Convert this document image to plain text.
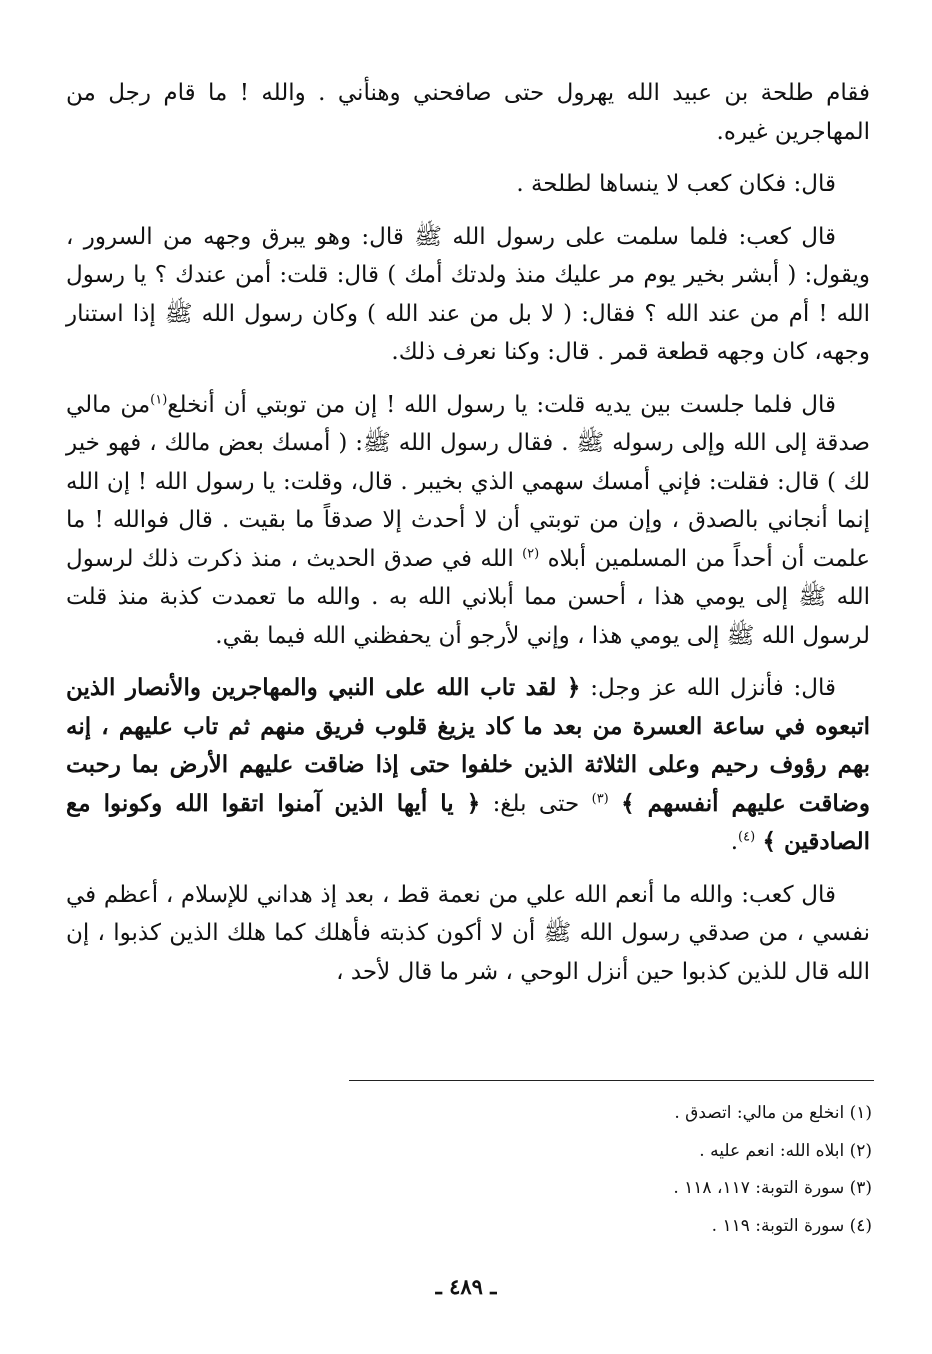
فقام طلحة بن عبيد الله يهرول حتى صافحني وهنأني . والله ! ما قام رجل من المهاجرين غيره.

قال: فكان كعب لا ينساها لطلحة .

قال كعب: فلما سلمت على رسول الله ﷺ قال: وهو يبرق وجهه من السرور ، ويقول: ( أبشر بخير يوم مر عليك منذ ولدتك أمك ) قال: قلت: أمن عندك ؟ يا رسول الله ! أم من عند الله ؟ فقال: ( لا بل من عند الله ) وكان رسول الله ﷺ إذا استنار وجهه، كان وجهه قطعة قمر . قال: وكنا نعرف ذلك.

قال فلما جلست بين يديه قلت: يا رسول الله ! إن من توبتي أن أنخلع$^{(١)}$من مالي صدقة إلى الله وإلى رسوله ﷺ . فقال رسول الله ﷺ: ( أمسك بعض مالك ، فهو خير لك ) قال: فقلت: فإني أمسك سهمي الذي بخيبر . قال، وقلت: يا رسول الله ! إن الله إنما أنجاني بالصدق ، وإن من توبتي أن لا أحدث إلا صدقاً ما بقيت . قال فوالله ! ما علمت أن أحداً من المسلمين أبلاه $^{(٢)}$ الله في صدق الحديث ، منذ ذكرت ذلك لرسول الله ﷺ إلى يومي هذا ، أحسن مما أبلاني الله به . والله ما تعمدت كذبة منذ قلت لرسول الله ﷺ إلى يومي هذا ، وإني لأرجو أن يحفظني الله فيما بقي.

قال: فأنزل الله عز وجل: ﴿ لقد تاب الله على النبي والمهاجرين والأنصار الذين اتبعوه في ساعة العسرة من بعد ما كاد يزيغ قلوب فريق منهم ثم تاب عليهم ، إنه بهم رؤوف رحيم وعلى الثلاثة الذين خلفوا حتى إذا ضاقت عليهم الأرض بما رحبت وضاقت عليهم أنفسهم ﴾ $^{(٣)}$ حتى بلغ: ﴿ يا أيها الذين آمنوا اتقوا الله وكونوا مع الصادقين ﴾ $^{(٤)}$.

قال كعب: والله ما أنعم الله علي من نعمة قط ، بعد إذ هداني للإسلام ، أعظم في نفسي ، من صدقي رسول الله ﷺ أن لا أكون كذبته فأهلك كما هلك الذين كذبوا ، إن الله قال للذين كذبوا حين أنزل الوحي ، شر ما قال لأحد ،

(١) انخلع من مالي: اتصدق .

(٢) ابلاه الله: انعم عليه .

(٣) سورة التوبة: ١١٧، ١١٨ .

(٤) سورة التوبة: ١١٩ .

ـ ٤٨٩ ـ
